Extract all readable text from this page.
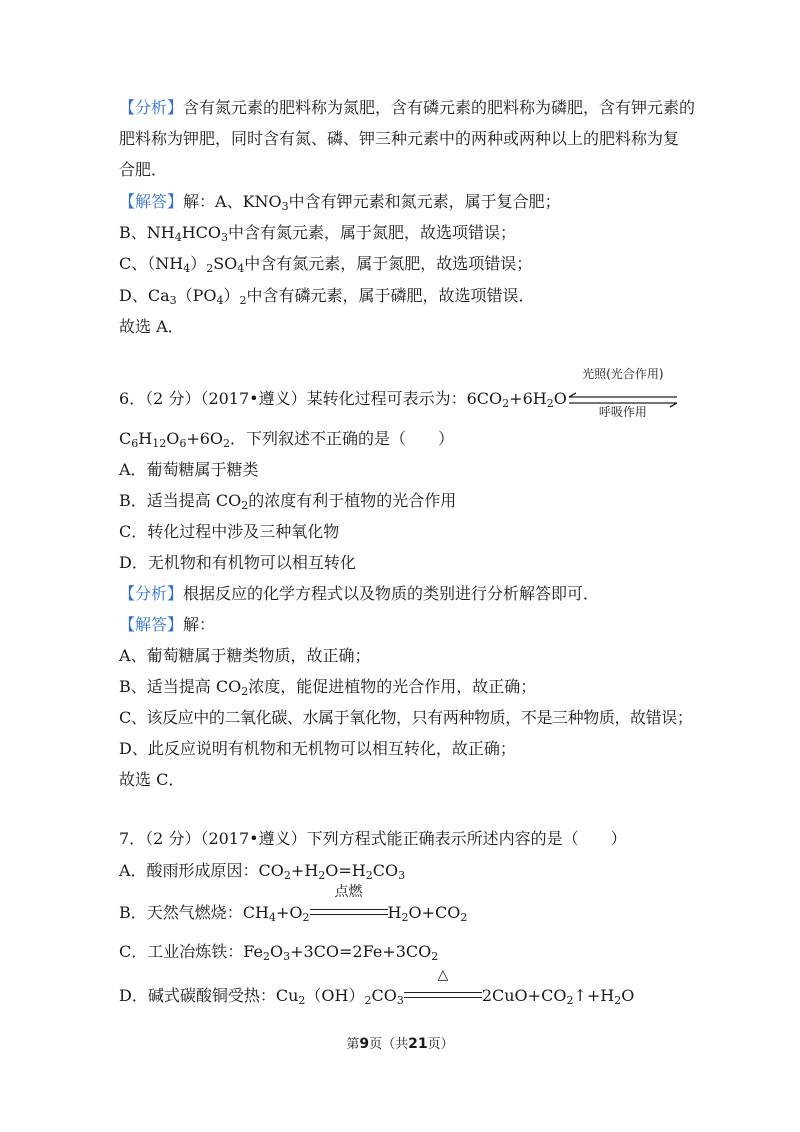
【分析】含有氮元素的肥料称为氮肥，含有磷元素的肥料称为磷肥，含有钾元素的
肥料称为钾肥，同时含有氮、磷、钾三种元素中的两种或两种以上的肥料称为复
合肥．
【解答】解：A、$KNO_3$中含有钾元素和氮元素，属于复合肥；
B、$NH_4HCO_3$中含有氮元素，属于氮肥，故选项错误；
C、$(NH_4)_2SO_4$中含有氮元素，属于氮肥，故选项错误；
D、$Ca_3(PO_4)_2$中含有磷元素，属于磷肥，故选项错误．
故选 A．
6．（2 分）（2017•遵义）某转化过程可表示为：$6CO_2+6H_2O$
光照(光合作用)
呼吸作用
$C_6H_{12}O_6+6O_2$．下列叙述不正确的是（　　）
A．葡萄糖属于糖类
B．适当提高 $CO_2$的浓度有利于植物的光合作用
C．转化过程中涉及三种氧化物
D．无机物和有机物可以相互转化
【分析】根据反应的化学方程式以及物质的类别进行分析解答即可．
【解答】解：
A、葡萄糖属于糖类物质，故正确；
B、适当提高 $CO_2$浓度，能促进植物的光合作用，故正确；
C、该反应中的二氧化碳、水属于氧化物，只有两种物质，不是三种物质，故错误；
D、此反应说明有机物和无机物可以相互转化，故正确；
故选 C．
7．（2 分）（2017•遵义）下列方程式能正确表示所述内容的是（　　）
A．酸雨形成原因：$CO_2+H_2O=H_2CO_3$
B．天然气燃烧：$CH_4+O_2$
点燃
$H_2O+CO_2$
C．工业冶炼铁：$Fe_2O_3+3CO=2Fe+3CO_2$
D．碱式碳酸铜受热：$Cu_2(OH)_2CO_3$
△
$2CuO+CO_2↑+H_2O$
第9页（共21页）
